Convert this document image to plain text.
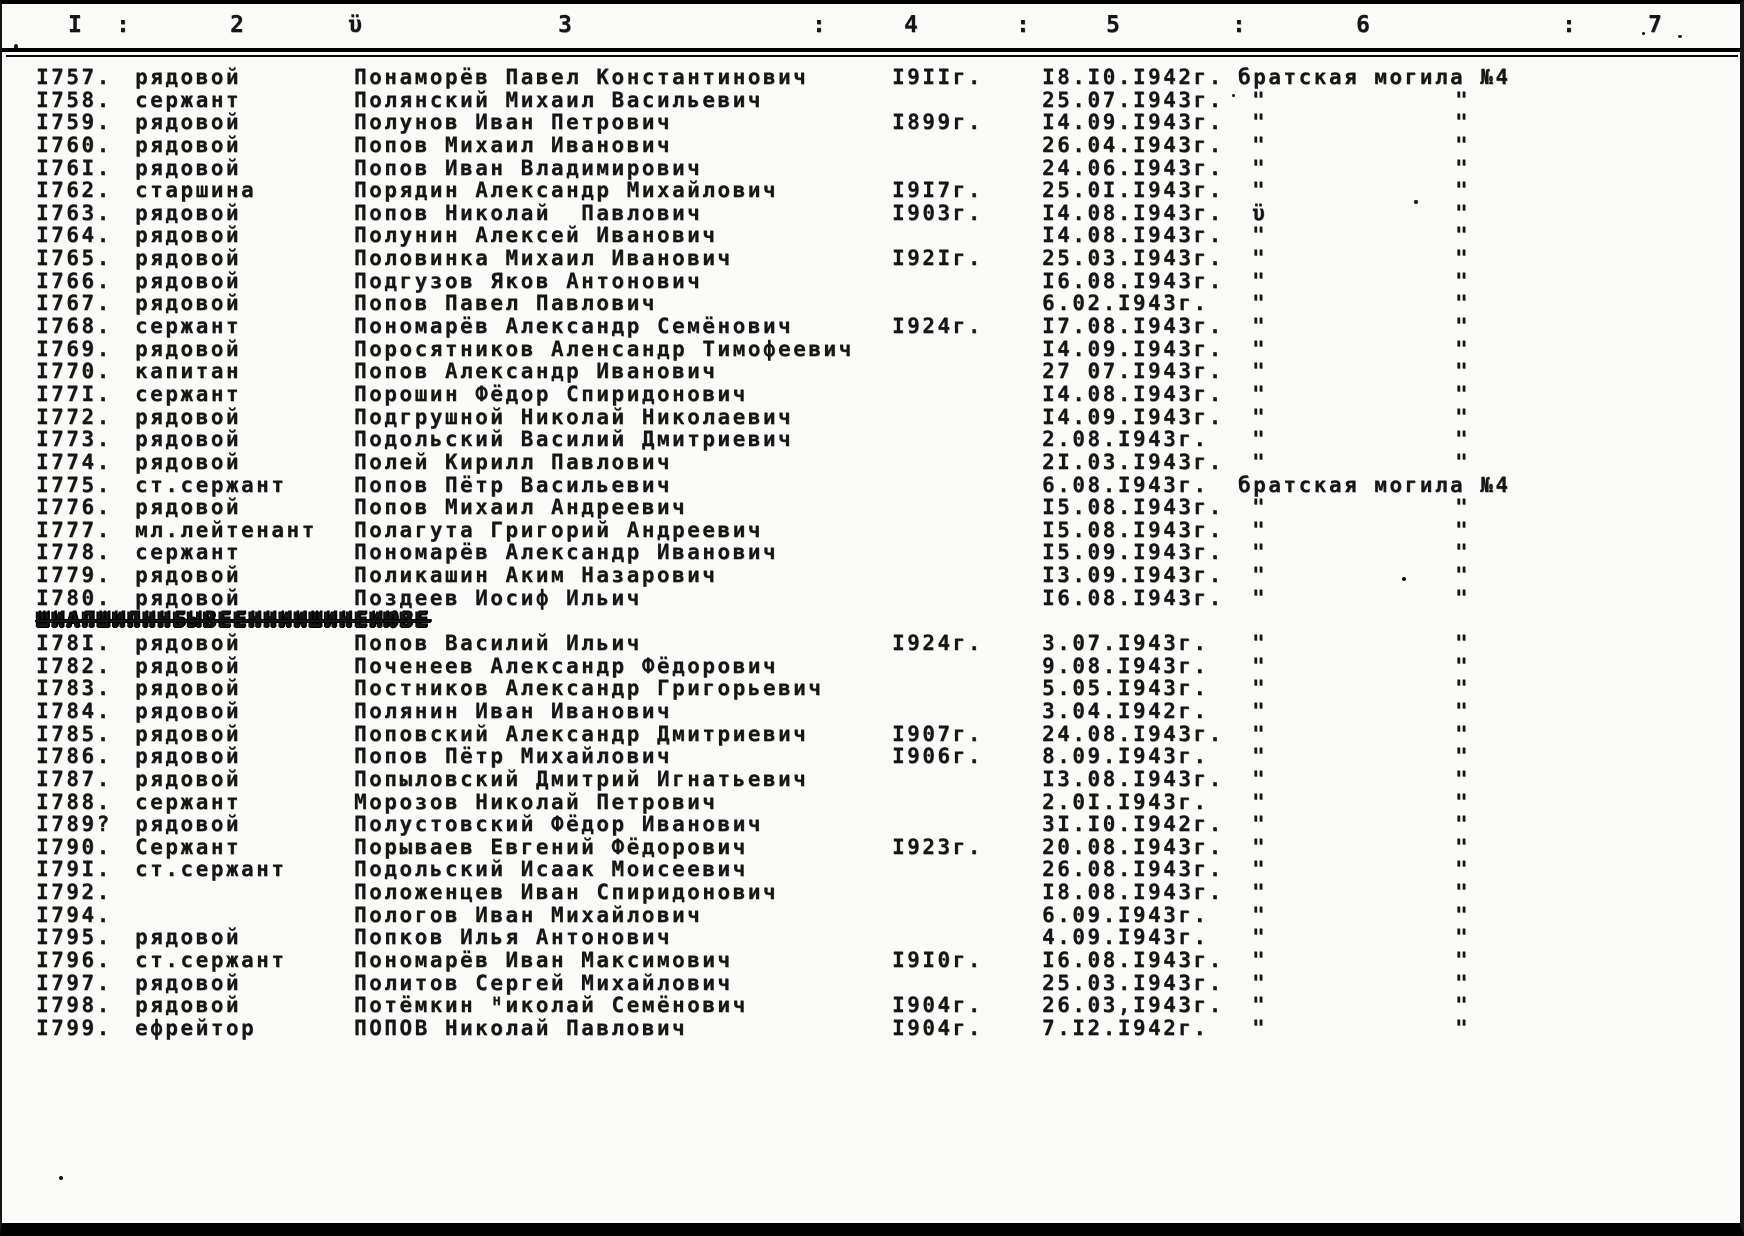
I :	2	ϋ	3	:	4	:	5	:	6	:	7
I757. рядовой	Понаморёв Павел Константинович	I9IIг.	I8.I0.I942г. братская могила №4
I758. сержант	Полянский Михаил Васильевич	25.07.I943г. "	"
I759. рядовой	Полунов Иван Петрович	I899г.	I4.09.I943г. "	"
I760. рядовой	Попов Михаил Иванович	26.04.I943г. "	"
I76I. рядовой	Попов Иван Владимирович	24.06.I943г. "	"
I762. старшина	Порядин Александр Михайлович	I9I7г.	25.0I.I943г. "	"
I763. рядовой	Попов Николай  Павлович	I903г.	I4.08.I943г. ϋ	"
I764. рядовой	Полунин Алексей Иванович	I4.08.I943г. "	"
I765. рядовой	Половинка Михаил Иванович	I92Iг.	25.03.I943г. "	"
I766. рядовой	Подгузов Яков Антонович	I6.08.I943г. "	"
I767. рядовой	Попов Павел Павлович	6.02.I943г. "	"
I768. сержант	Пономарёв Александр Семёнович	I924г.	I7.08.I943г. "	"
I769. рядовой	Поросятников Аленсандр Тимофеевич	I4.09.I943г. "	"
I770. капитан	Попов Александр Иванович	27 07.I943г. "	"
I77I. сержант	Порошин Фёдор Спиридонович	I4.08.I943г. "	"
I772. рядовой	Подгрушной Николай Николаевич	I4.09.I943г. "	"
I773. рядовой	Подольский Василий Дмитриевич	2.08.I943г. "	"
I774. рядовой	Полей Кирилл Павлович	2I.03.I943г. "	"
I775. ст.сержант	Попов Пётр Васильевич	6.08.I943г. братская могила №4
I776. рядовой	Попов Михаил Андреевич	I5.08.I943г. "	"
I777. мл.лейтенант Полагута Григорий Андреевич	I5.08.I943г. "	"
I778. сержант	Пономарёв Александр Иванович	I5.09.I943г. "	"
I779. рядовой	Поликашин Аким Назарович	I3.09.I943г. "	"
I780. рядовой	Поздеев Иосиф Ильич	I6.08.I943г. "	"
ШИАПШИПННБЫВЕЕННИИШИНЕИЮВЕ
I78I. рядовой	Попов Василий Ильич	I924г.	3.07.I943г. "	"
I782. рядовой	Поченеев Александр Фёдорович	9.08.I943г. "	"
I783. рядовой	Постников Александр Григорьевич	5.05.I943г. "	"
I784. рядовой	Полянин Иван Иванович	3.04.I942г. "	"
I785. рядовой	Поповский Александр Дмитриевич	I907г.	24.08.I943г. "	"
I786. рядовой	Попов Пётр Михайлович	I906г.	8.09.I943г. "	"
I787. рядовой	Попыловский Дмитрий Игнатьевич	I3.08.I943г. "	"
I788. сержант	Морозов Николай Петрович	2.0I.I943г. "	"
I789? рядовой	Полустовский Фёдор Иванович	3I.I0.I942г. "	"
I790. Сержант	Порываев Евгений Фёдорович	I923г.	20.08.I943г. "	"
I79I. ст.сержант	Подольский Исаак Моисеевич	26.08.I943г. "	"
I792.	Положенцев Иван Спиридонович	I8.08.I943г. "	"
I794.	Пологов Иван Михайлович	6.09.I943г. "	"
I795. рядовой	Попков Илья Антонович	4.09.I943г. "	"
I796. ст.сержант	Пономарёв Иван Максимович	I9I0г.	I6.08.I943г. "	"
I797. рядовой	Политов Сергей Михайлович	25.03.I943г. "	"
I798. рядовой	Потёмкин ᴴиколай Семёнович	I904г.	26.03,I943г. "	"
I799. ефрейтор	ПОПОВ Николай Павлович	I904г.	7.I2.I942г. "	"
